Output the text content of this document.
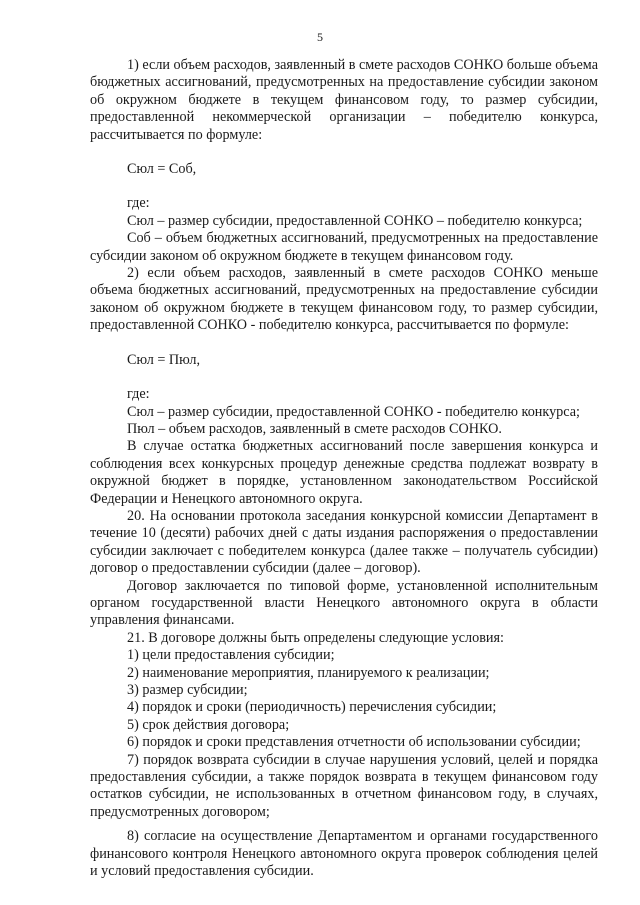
5

1) если объем расходов, заявленный в смете расходов СОНКО больше объема бюджетных ассигнований, предусмотренных на предоставление субсидии законом об окружном бюджете в текущем финансовом году, то размер субсидии, предоставленной некоммерческой организации – победителю конкурса, рассчитывается по формуле:

Сюл = Соб,

где:

Сюл – размер субсидии, предоставленной СОНКО – победителю конкурса;

Соб – объем бюджетных ассигнований, предусмотренных на предоставление субсидии законом об окружном бюджете в текущем финансовом году.

2) если объем расходов, заявленный в смете расходов СОНКО меньше объема бюджетных ассигнований, предусмотренных на предоставление субсидии законом об окружном бюджете в текущем финансовом году, то размер субсидии, предоставленной СОНКО - победителю конкурса, рассчитывается по формуле:

Сюл = Пюл,

где:

Сюл – размер субсидии, предоставленной СОНКО - победителю конкурса;

Пюл – объем расходов, заявленный в смете расходов СОНКО.

В случае остатка бюджетных ассигнований после завершения конкурса и соблюдения всех конкурсных процедур денежные средства подлежат возврату в окружной бюджет в порядке, установленном законодательством Российской Федерации и Ненецкого автономного округа.

20. На основании протокола заседания конкурсной комиссии Департамент в течение 10 (десяти) рабочих дней с даты издания распоряжения о предоставлении субсидии заключает с победителем конкурса (далее также – получатель субсидии) договор о предоставлении субсидии (далее – договор).

Договор заключается по типовой форме, установленной исполнительным органом государственной власти Ненецкого автономного округа в области управления финансами.

21. В договоре должны быть определены следующие условия:

1) цели предоставления субсидии;

2) наименование мероприятия, планируемого к реализации;

3) размер субсидии;

4) порядок и сроки (периодичность) перечисления субсидии;

5) срок действия договора;

6) порядок и сроки представления отчетности об использовании субсидии;

7) порядок возврата субсидии в случае нарушения условий, целей и порядка предоставления субсидии, а также порядок возврата в текущем финансовом году остатков субсидии, не использованных в отчетном финансовом году, в случаях, предусмотренных договором;

8) согласие на осуществление Департаментом и органами государственного финансового контроля Ненецкого автономного округа проверок соблюдения целей и условий предоставления субсидии.
